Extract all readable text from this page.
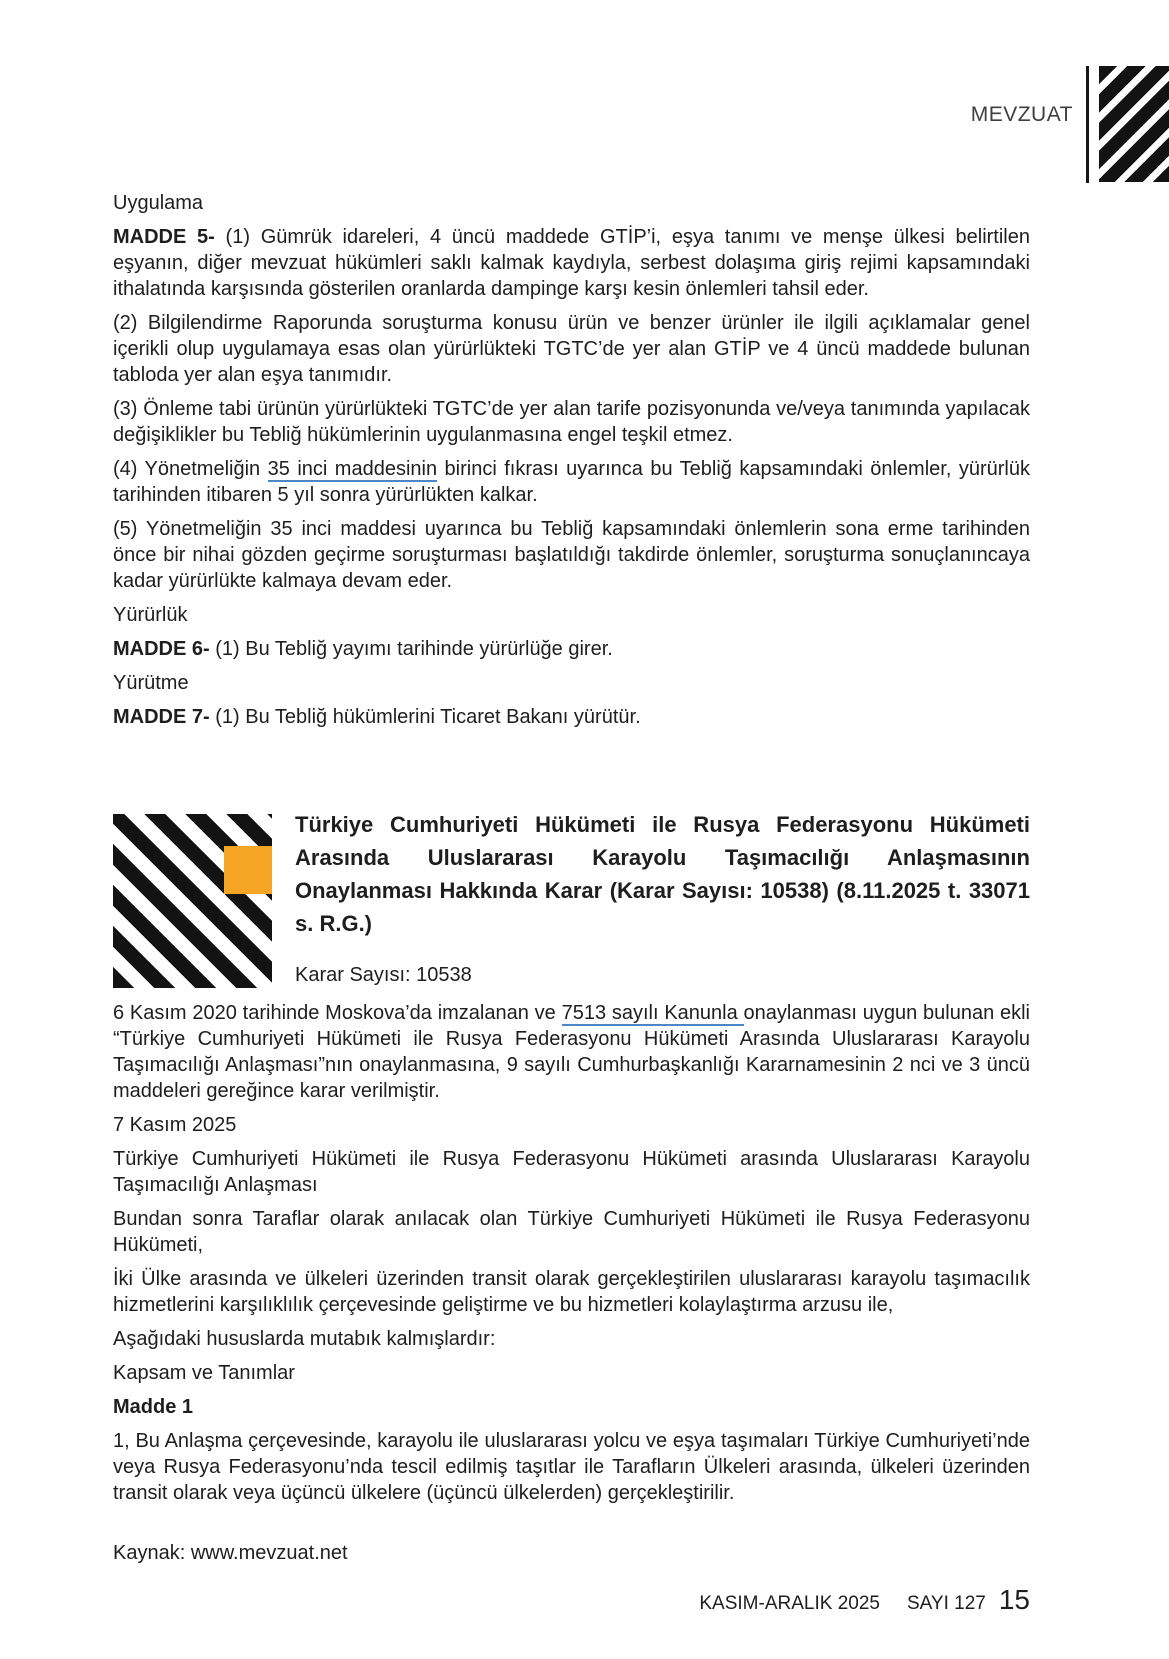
MEVZUAT

Uygulama

MADDE 5- (1) Gümrük idareleri, 4 üncü maddede GTİP’i, eşya tanımı ve menşe ülkesi belirtilen eşyanın, diğer mevzuat hükümleri saklı kalmak kaydıyla, serbest dolaşıma giriş rejimi kapsamındaki ithalatında karşısında gösterilen oranlarda dampinge karşı kesin önlemleri tahsil eder.

(2) Bilgilendirme Raporunda soruşturma konusu ürün ve benzer ürünler ile ilgili açıklamalar genel içerikli olup uygulamaya esas olan yürürlükteki TGTC’de yer alan GTİP ve 4 üncü maddede bulunan tabloda yer alan eşya tanımıdır.

(3) Önleme tabi ürünün yürürlükteki TGTC’de yer alan tarife pozisyonunda ve/veya tanımında yapılacak değişiklikler bu Tebliğ hükümlerinin uygulanmasına engel teşkil etmez.

(4) Yönetmeliğin 35 inci maddesinin birinci fıkrası uyarınca bu Tebliğ kapsamındaki önlemler, yürürlük tarihinden itibaren 5 yıl sonra yürürlükten kalkar.

(5) Yönetmeliğin 35 inci maddesi uyarınca bu Tebliğ kapsamındaki önlemlerin sona erme tarihinden önce bir nihai gözden geçirme soruşturması başlatıldığı takdirde önlemler, soruşturma sonuçlanıncaya kadar yürürlükte kalmaya devam eder.

Yürürlük

MADDE 6- (1) Bu Tebliğ yayımı tarihinde yürürlüğe girer.

Yürütme

MADDE 7- (1) Bu Tebliğ hükümlerini Ticaret Bakanı yürütür.

Türkiye Cumhuriyeti Hükümeti ile Rusya Federasyonu Hükümeti Arasında Uluslararası Karayolu Taşımacılığı Anlaşmasının Onaylanması Hakkında Karar (Karar Sayısı: 10538) (8.11.2025 t. 33071 s. R.G.)
Karar Sayısı: 10538

6 Kasım 2020 tarihinde Moskova’da imzalanan ve 7513 sayılı Kanunla onaylanması uygun bulunan ekli “Türkiye Cumhuriyeti Hükümeti ile Rusya Federasyonu Hükümeti Arasında Uluslararası Karayolu Taşımacılığı Anlaşması”nın onaylanmasına, 9 sayılı Cumhurbaşkanlığı Kararnamesinin 2 nci ve 3 üncü maddeleri gereğince karar verilmiştir.

7 Kasım 2025

Türkiye Cumhuriyeti Hükümeti ile Rusya Federasyonu Hükümeti arasında Uluslararası Karayolu Taşımacılığı Anlaşması

Bundan sonra Taraflar olarak anılacak olan Türkiye Cumhuriyeti Hükümeti ile Rusya Federasyonu Hükümeti,

İki Ülke arasında ve ülkeleri üzerinden transit olarak gerçekleştirilen uluslararası karayolu taşımacılık hizmetlerini karşılıklılık çerçevesinde geliştirme ve bu hizmetleri kolaylaştırma arzusu ile,

Aşağıdaki hususlarda mutabık kalmışlardır:

Kapsam ve Tanımlar

Madde 1

1, Bu Anlaşma çerçevesinde, karayolu ile uluslararası yolcu ve eşya taşımaları Türkiye Cumhuriyeti’nde veya Rusya Federasyonu’nda tescil edilmiş taşıtlar ile Tarafların Ülkeleri arasında, ülkeleri üzerinden transit olarak veya üçüncü ülkelere (üçüncü ülkelerden) gerçekleştirilir.

Kaynak: www.mevzuat.net

.
KASIM-ARALIK 2025 SAYI 127 15
